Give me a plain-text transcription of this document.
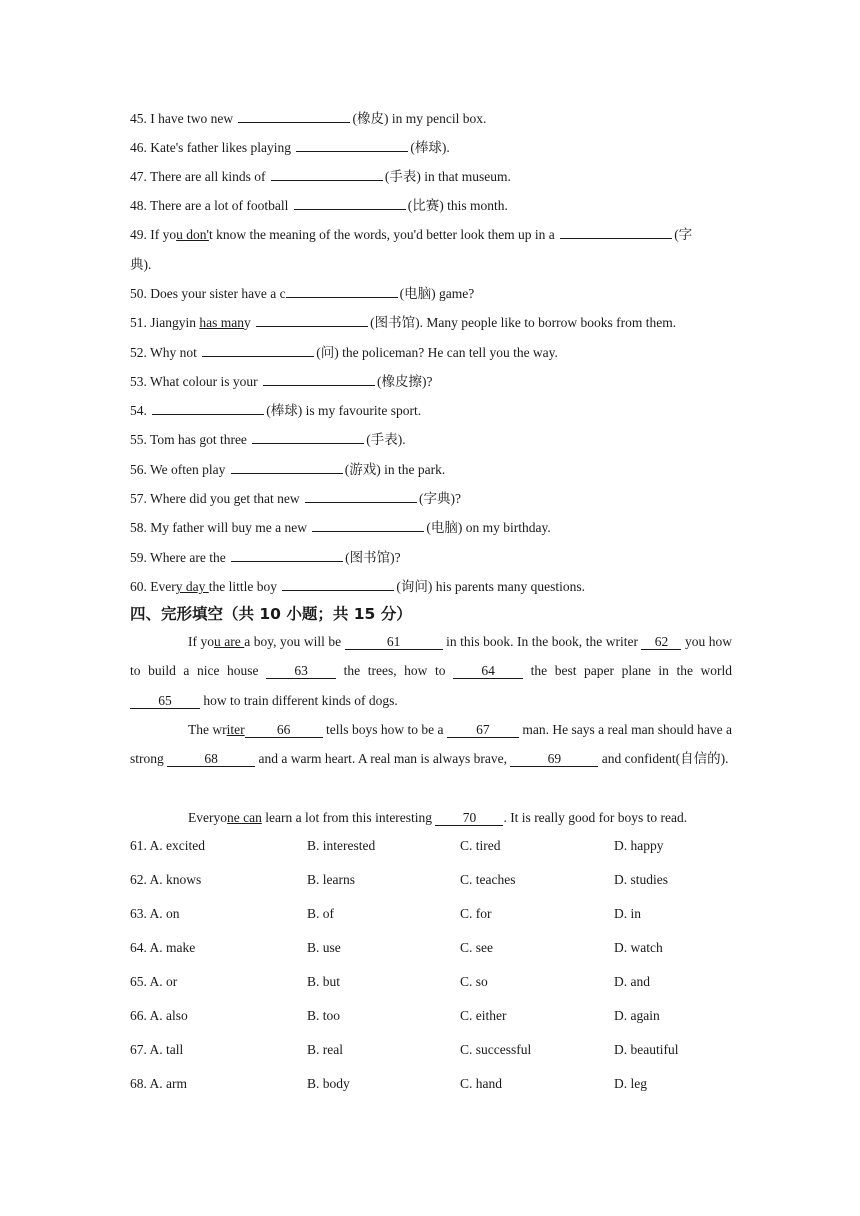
45. I have two new	(橡皮) in my pencil box.
46. Kate's father likes playing	(棒球).
47. There are all kinds of	(手表) in that museum.
48. There are a lot of football	(比赛) this month.
49. If you don't know the meaning of the words, you'd better look them up in a	(字
典).
50. Does your sister have a c	(电脑) game?
51. Jiangyin has many	(图书馆). Many people like to borrow books from them.
52. Why not	(问) the policeman? He can tell you the way.
53. What colour is your	(橡皮擦)?
54.	(棒球) is my favourite sport.
55. Tom has got three	(手表).
56. We often play	(游戏) in the park.
57. Where did you get that new	(字典)?
58. My father will buy me a new	(电脑) on my birthday.
59. Where are the	(图书馆)?
60. Every day the little boy	(询问) his parents many questions.
四、完形填空（共 10 小题；共 15 分）
If you are a boy, you will be	61	in this book. In the book, the writer 62 you how to build a nice house	63	the trees, how to	64	the best paper plane in the world 65 how to train different kinds of dogs.
The writer 66	tells boys how to be a 67 man. He says a real man should have a strong	68	and a warm heart. A real man is always brave,	69	and confident(自信的).
Everyone can learn a lot from this interesting 70 . It is really good for boys to read.
61. A. excited	B. interested	C. tired	D. happy
62. A. knows	B. learns	C. teaches	D. studies
63. A. on	B. of	C. for	D. in
64. A. make	B. use	C. see	D. watch
65. A. or	B. but	C. so	D. and
66. A. also	B. too	C. either	D. again
67. A. tall	B. real	C. successful	D. beautiful
68. A. arm	B. body	C. hand	D. leg
